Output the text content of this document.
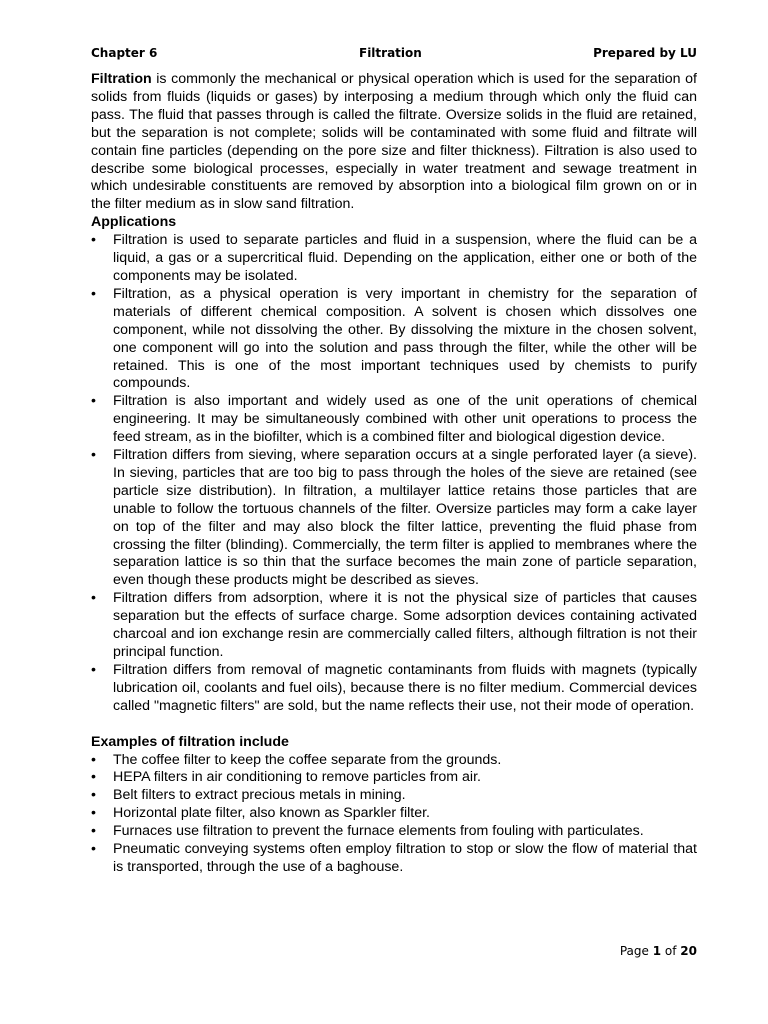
Chapter 6	Filtration	Prepared by LU

Filtration is commonly the mechanical or physical operation which is used for the separation of solids from fluids (liquids or gases) by interposing a medium through which only the fluid can pass. The fluid that passes through is called the filtrate. Oversize solids in the fluid are retained, but the separation is not complete; solids will be contaminated with some fluid and filtrate will contain fine particles (depending on the pore size and filter thickness). Filtration is also used to describe some biological processes, especially in water treatment and sewage treatment in which undesirable constituents are removed by absorption into a biological film grown on or in the filter medium as in slow sand filtration.

Applications
• Filtration is used to separate particles and fluid in a suspension, where the fluid can be a liquid, a gas or a supercritical fluid. Depending on the application, either one or both of the components may be isolated.
• Filtration, as a physical operation is very important in chemistry for the separation of materials of different chemical composition. A solvent is chosen which dissolves one component, while not dissolving the other. By dissolving the mixture in the chosen solvent, one component will go into the solution and pass through the filter, while the other will be retained. This is one of the most important techniques used by chemists to purify compounds.
• Filtration is also important and widely used as one of the unit operations of chemical engineering. It may be simultaneously combined with other unit operations to process the feed stream, as in the biofilter, which is a combined filter and biological digestion device.
• Filtration differs from sieving, where separation occurs at a single perforated layer (a sieve). In sieving, particles that are too big to pass through the holes of the sieve are retained (see particle size distribution). In filtration, a multilayer lattice retains those particles that are unable to follow the tortuous channels of the filter. Oversize particles may form a cake layer on top of the filter and may also block the filter lattice, preventing the fluid phase from crossing the filter (blinding). Commercially, the term filter is applied to membranes where the separation lattice is so thin that the surface becomes the main zone of particle separation, even though these products might be described as sieves.
• Filtration differs from adsorption, where it is not the physical size of particles that causes separation but the effects of surface charge. Some adsorption devices containing activated charcoal and ion exchange resin are commercially called filters, although filtration is not their principal function.
• Filtration differs from removal of magnetic contaminants from fluids with magnets (typically lubrication oil, coolants and fuel oils), because there is no filter medium. Commercial devices called "magnetic filters" are sold, but the name reflects their use, not their mode of operation.
Examples of filtration include
• The coffee filter to keep the coffee separate from the grounds.
• HEPA filters in air conditioning to remove particles from air.
• Belt filters to extract precious metals in mining.
• Horizontal plate filter, also known as Sparkler filter.
• Furnaces use filtration to prevent the furnace elements from fouling with particulates.
• Pneumatic conveying systems often employ filtration to stop or slow the flow of material that is transported, through the use of a baghouse.
Page 1 of 20
